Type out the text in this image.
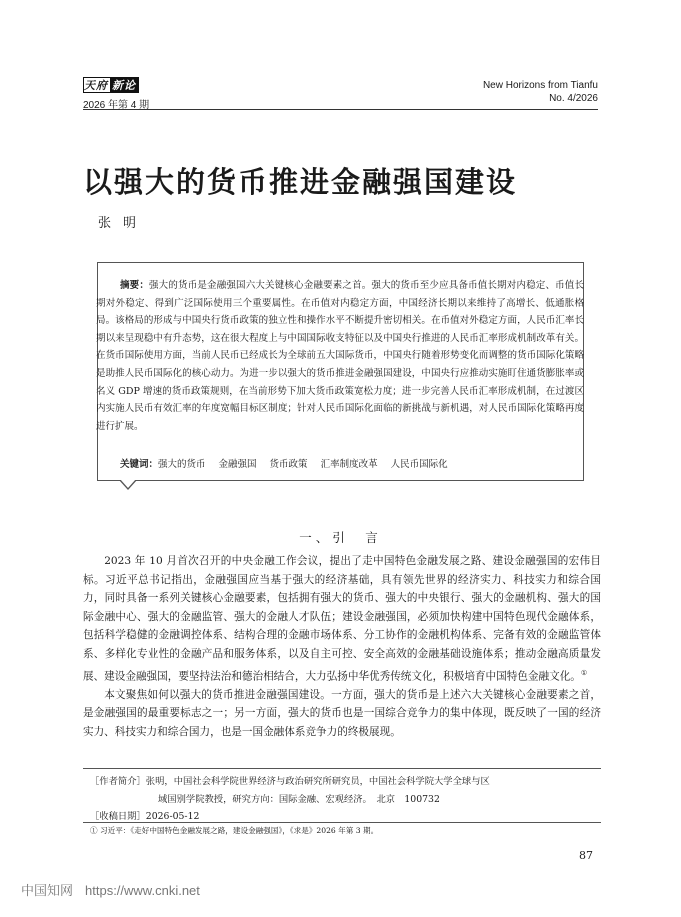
天府 新论
2026 年第 4 期
New Horizons from Tianfu
No. 4/2026
以强大的货币推进金融强国建设
张明
摘要：强大的货币是金融强国六大关键核心金融要素之首。强大的货币至少应具备币值长期对内稳定、币值长期对外稳定、得到广泛国际使用三个重要属性。在币值对内稳定方面，中国经济长期以来维持了高增长、低通胀格局。该格局的形成与中国央行货币政策的独立性和操作水平不断提升密切相关。在币值对外稳定方面，人民币汇率长期以来呈现稳中有升态势，这在很大程度上与中国国际收支特征以及中国央行推进的人民币汇率形成机制改革有关。在货币国际使用方面，当前人民币已经成长为全球前五大国际货币，中国央行随着形势变化而调整的货币国际化策略是助推人民币国际化的核心动力。为进一步以强大的货币推进金融强国建设，中国央行应推动实施盯住通货膨胀率或名义 GDP 增速的货币政策规则，在当前形势下加大货币政策宽松力度；进一步完善人民币汇率形成机制，在过渡区内实施人民币有效汇率的年度宽幅目标区制度；针对人民币国际化面临的新挑战与新机遇，对人民币国际化策略再度进行扩展。
关键词：强大的货币 金融强国 货币政策 汇率制度改革 人民币国际化
一、引　言

2023 年 10 月首次召开的中央金融工作会议，提出了走中国特色金融发展之路、建设金融强国的宏伟目标。习近平总书记指出，金融强国应当基于强大的经济基础，具有领先世界的经济实力、科技实力和综合国力，同时具备一系列关键核心金融要素，包括拥有强大的货币、强大的中央银行、强大的金融机构、强大的国际金融中心、强大的金融监管、强大的金融人才队伍；建设金融强国，必须加快构建中国特色现代金融体系，包括科学稳健的金融调控体系、结构合理的金融市场体系、分工协作的金融机构体系、完备有效的金融监管体系、多样化专业性的金融产品和服务体系，以及自主可控、安全高效的金融基础设施体系；推动金融高质量发展、建设金融强国，要坚持法治和德治相结合，大力弘扬中华优秀传统文化，积极培育中国特色金融文化。①

本文聚焦如何以强大的货币推进金融强国建设。一方面，强大的货币是上述六大关键核心金融要素之首，是金融强国的最重要标志之一；另一方面，强大的货币也是一国综合竞争力的集中体现，既反映了一国的经济实力、科技实力和综合国力，也是一国金融体系竞争力的终极展现。

［作者简介］张明，中国社会科学院世界经济与政治研究所研究员，中国社会科学院大学全球与区
域国别学院教授，研究方向：国际金融、宏观经济。　北京　100732
［收稿日期］2026-05-12
① 习近平：《走好中国特色金融发展之路，建设金融强国》，《求是》2026 年第 3 期。
87
中国知网 https://www.cnki.net
